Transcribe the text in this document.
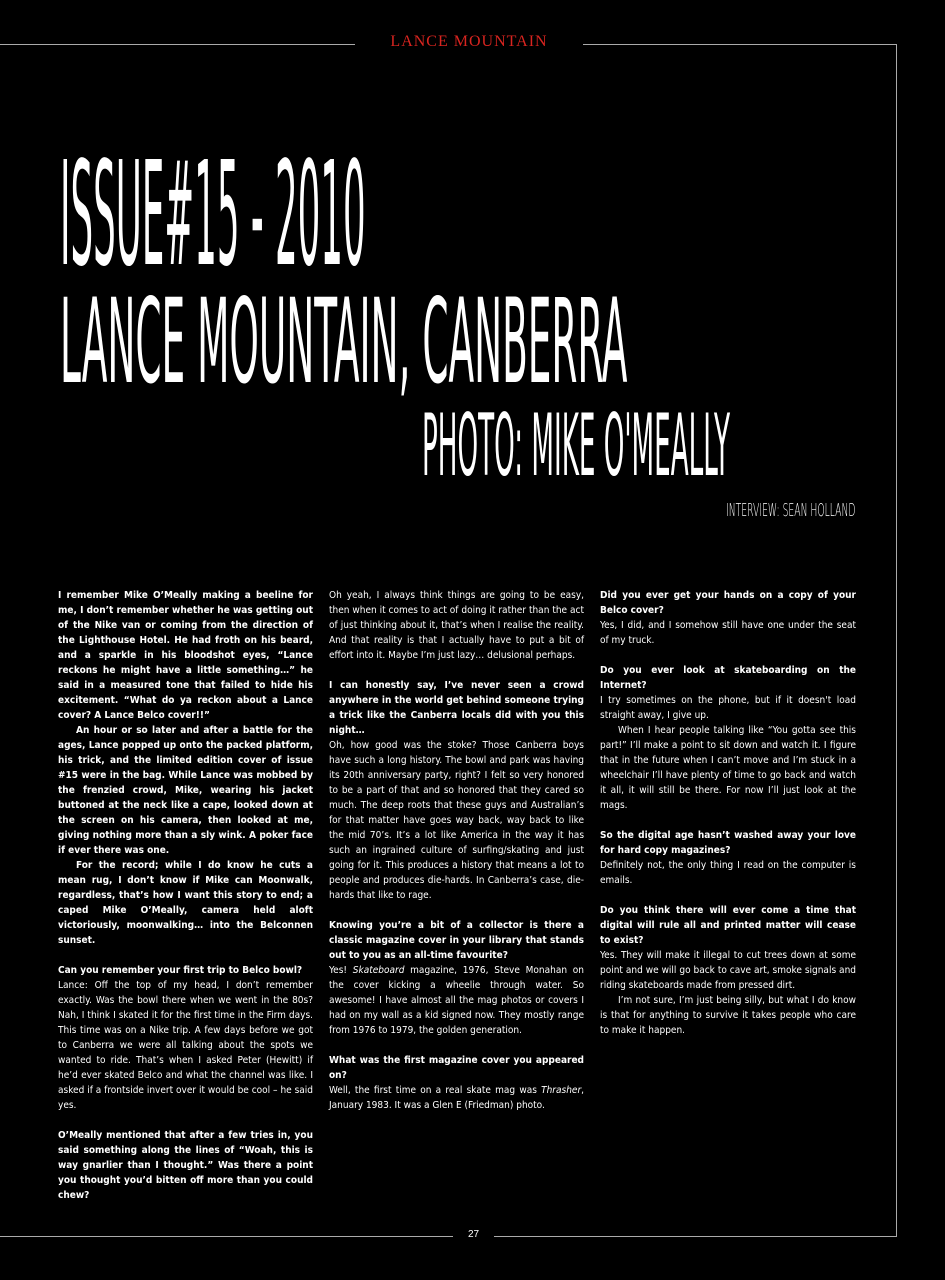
LANCE MOUNTAIN
ISSUE#15 - 2010
LANCE MOUNTAIN, CANBERRA
PHOTO: MIKE O'MEALLY
INTERVIEW: SEAN HOLLAND

I remember Mike O’Meally making a beeline for me, I don’t remember whether he was getting out of the Nike van or coming from the direction of the Lighthouse Hotel. He had froth on his beard, and a sparkle in his bloodshot eyes, “Lance reckons he might have a little something…” he said in a measured tone that failed to hide his excitement. “What do ya reckon about a Lance cover? A Lance Belco cover!!”

An hour or so later and after a battle for the ages, Lance popped up onto the packed platform, his trick, and the limited edition cover of issue #15 were in the bag. While Lance was mobbed by the frenzied crowd, Mike, wearing his jacket buttoned at the neck like a cape, looked down at the screen on his camera, then looked at me, giving nothing more than a sly wink. A poker face if ever there was one.

For the record; while I do know he cuts a mean rug, I don’t know if Mike can Moonwalk, regardless, that’s how I want this story to end; a caped Mike O’Meally, camera held aloft victoriously, moonwalking… into the Belconnen sunset.

Can you remember your first trip to Belco bowl?

Lance: Off the top of my head, I don’t remember exactly. Was the bowl there when we went in the 80s? Nah, I think I skated it for the first time in the Firm days. This time was on a Nike trip. A few days before we got to Canberra we were all talking about the spots we wanted to ride. That’s when I asked Peter (Hewitt) if he’d ever skated Belco and what the channel was like. I asked if a frontside invert over it would be cool – he said yes.

O’Meally mentioned that after a few tries in, you said something along the lines of “Woah, this is way gnarlier than I thought.” Was there a point you thought you’d bitten off more than you could chew?

Oh yeah, I always think things are going to be easy, then when it comes to act of doing it rather than the act of just thinking about it, that’s when I realise the reality. And that reality is that I actually have to put a bit of effort into it. Maybe I’m just lazy… delusional perhaps.

I can honestly say, I’ve never seen a crowd anywhere in the world get behind someone trying a trick like the Canberra locals did with you this night…

Oh, how good was the stoke? Those Canberra boys have such a long history. The bowl and park was having its 20th anniversary party, right? I felt so very honored to be a part of that and so honored that they cared so much. The deep roots that these guys and Australian’s for that matter have goes way back, way back to like the mid 70’s. It’s a lot like America in the way it has such an ingrained culture of surfing/skating and just going for it. This produces a history that means a lot to people and produces die-hards. In Canberra’s case, die-hards that like to rage.

Knowing you’re a bit of a collector is there a classic magazine cover in your library that stands out to you as an all-time favourite?

Yes! Skateboard magazine, 1976, Steve Monahan on the cover kicking a wheelie through water. So awesome! I have almost all the mag photos or covers I had on my wall as a kid signed now. They mostly range from 1976 to 1979, the golden generation.

What was the first magazine cover you appeared on?

Well, the first time on a real skate mag was Thrasher, January 1983. It was a Glen E (Friedman) photo.

Did you ever get your hands on a copy of your Belco cover?

Yes, I did, and I somehow still have one under the seat of my truck.

Do you ever look at skateboarding on the Internet?

I try sometimes on the phone, but if it doesn't load straight away, I give up.

When I hear people talking like “You gotta see this part!” I’ll make a point to sit down and watch it. I figure that in the future when I can’t move and I’m stuck in a wheelchair I’ll have plenty of time to go back and watch it all, it will still be there. For now I’ll just look at the mags.

So the digital age hasn’t washed away your love for hard copy magazines?

Definitely not, the only thing I read on the computer is emails.

Do you think there will ever come a time that digital will rule all and printed matter will cease to exist?

Yes. They will make it illegal to cut trees down at some point and we will go back to cave art, smoke signals and riding skateboards made from pressed dirt.

I’m not sure, I’m just being silly, but what I do know is that for anything to survive it takes people who care to make it happen.

27
